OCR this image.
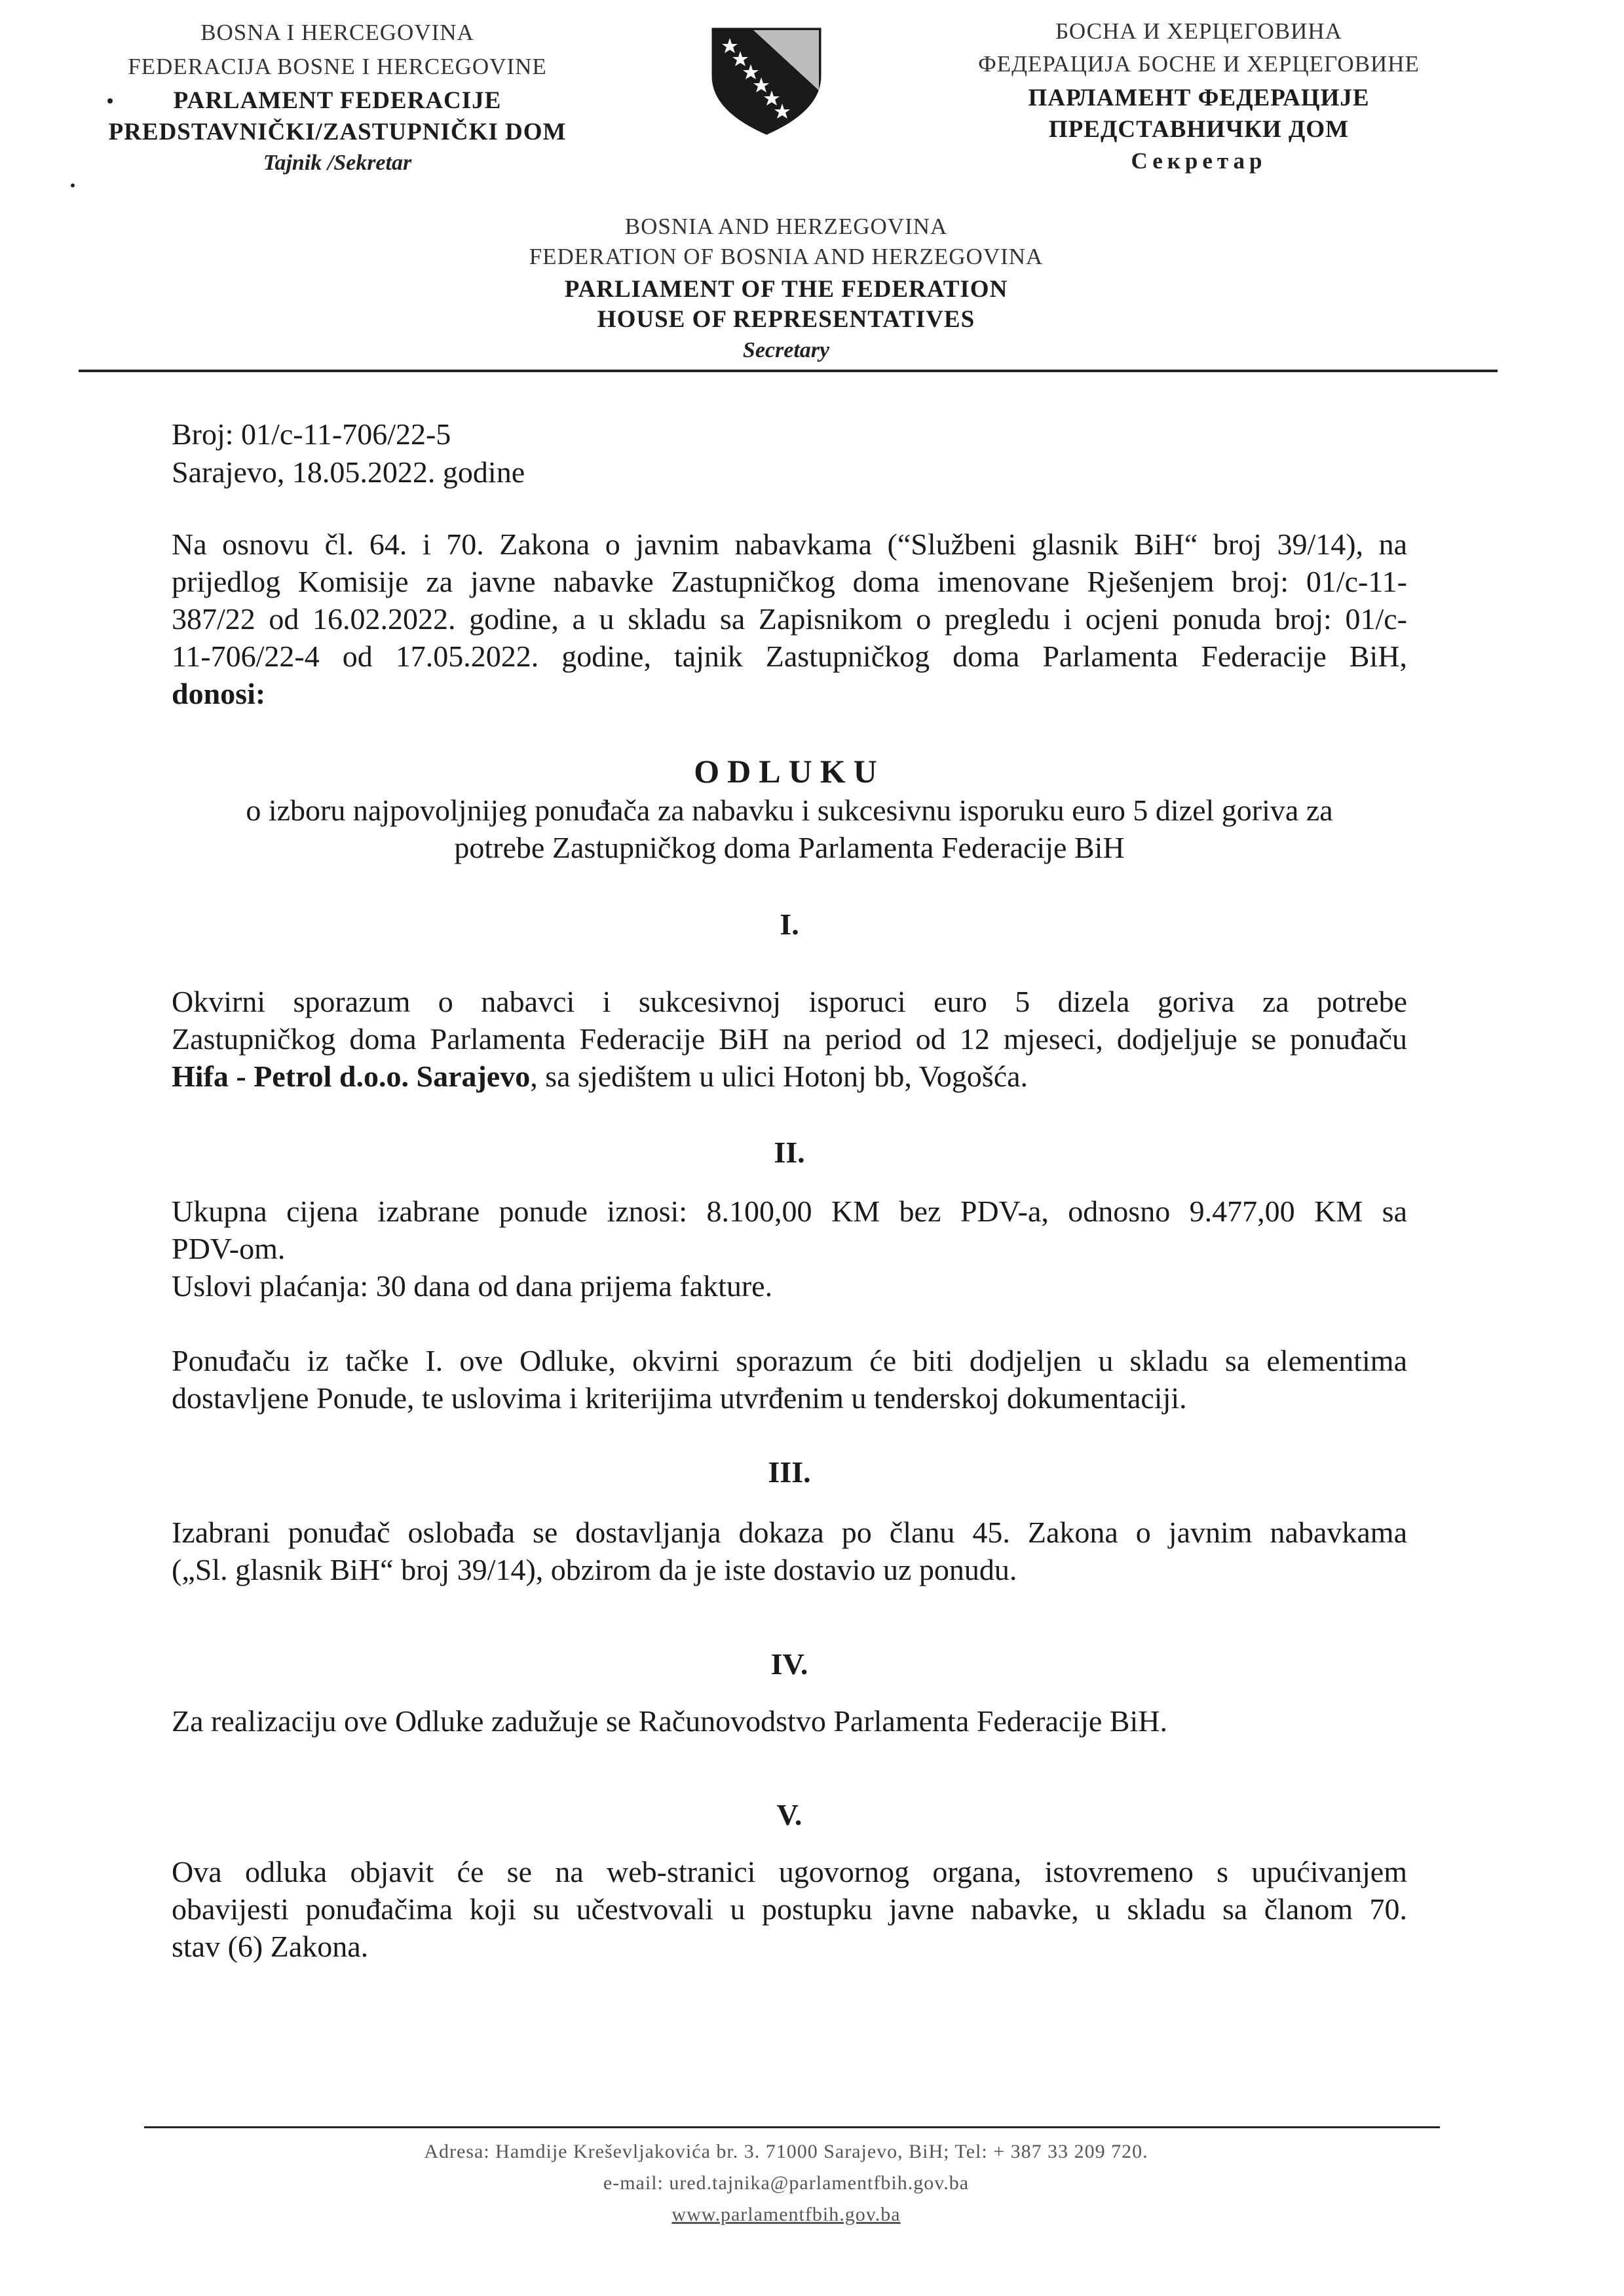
BOSNA I HERCEGOVINA
FEDERACIJA BOSNE I HERCEGOVINE
PARLAMENT FEDERACIJE
PREDSTAVNIČKI/ZASTUPNIČKI DOM
Tajnik /Sekretar
БОСНА И ХЕРЦЕГОВИНА
ФЕДЕРАЦИЈА БОСНЕ И ХЕРЦЕГОВИНЕ
ПАРЛАМЕНТ ФЕДЕРАЦИЈЕ
ПРЕДСТАВНИЧКИ ДОМ
Секретар
BOSNIA AND HERZEGOVINA
FEDERATION OF BOSNIA AND HERZEGOVINA
PARLIAMENT OF THE FEDERATION
HOUSE OF REPRESENTATIVES
Secretary
Broj: 01/c-11-706/22-5
Sarajevo, 18.05.2022. godine
Na osnovu čl. 64. i 70. Zakona o javnim nabavkama (“Službeni glasnik BiH“ broj 39/14), na
prijedlog Komisije za javne nabavke Zastupničkog doma imenovane Rješenjem broj: 01/c-11-
387/22 od 16.02.2022. godine, a u skladu sa Zapisnikom o pregledu i ocjeni ponuda broj: 01/c-
11-706/22-4 od 17.05.2022. godine, tajnik Zastupničkog doma Parlamenta Federacije BiH,
donosi:
ODLUKU
o izboru najpovoljnijeg ponuđača za nabavku i sukcesivnu isporuku euro 5 dizel goriva za
potrebe Zastupničkog doma Parlamenta Federacije BiH
I.
Okvirni sporazum o nabavci i sukcesivnoj isporuci euro 5 dizela goriva za potrebe
Zastupničkog doma Parlamenta Federacije BiH na period od 12 mjeseci, dodjeljuje se ponuđaču
Hifa - Petrol d.o.o. Sarajevo, sa sjedištem u ulici Hotonj bb, Vogošća.
II.
Ukupna cijena izabrane ponude iznosi: 8.100,00 KM bez PDV-a, odnosno 9.477,00 KM sa
PDV-om.
Uslovi plaćanja: 30 dana od dana prijema fakture.
Ponuđaču iz tačke I. ove Odluke, okvirni sporazum će biti dodjeljen u skladu sa elementima
dostavljene Ponude, te uslovima i kriterijima utvrđenim u tenderskoj dokumentaciji.
III.
Izabrani ponuđač oslobađa se dostavljanja dokaza po članu 45. Zakona o javnim nabavkama
(„Sl. glasnik BiH“ broj 39/14), obzirom da je iste dostavio uz ponudu.
IV.
Za realizaciju ove Odluke zadužuje se Računovodstvo Parlamenta Federacije BiH.
V.
Ova odluka objavit će se na web-stranici ugovornog organa, istovremeno s upućivanjem
obavijesti ponuđačima koji su učestvovali u postupku javne nabavke, u skladu sa članom 70.
stav (6) Zakona.
Adresa: Hamdije Kreševljakovića br. 3. 71000 Sarajevo, BiH; Tel: + 387 33 209 720.
e-mail: ured.tajnika@parlamentfbih.gov.ba
www.parlamentfbih.gov.ba
